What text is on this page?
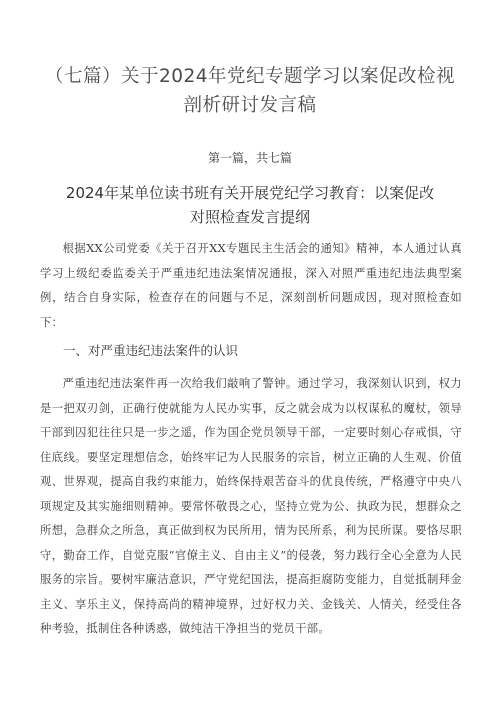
（七篇）关于2024年党纪专题学习以案促改检视剖析研讨发言稿
第一篇，共七篇
2024年某单位读书班有关开展党纪学习教育：以案促改对照检查发言提纲

根据XX公司党委《关于召开XX专题民主生活会的通知》精神，本人通过认真学习上级纪委监委关于严重违纪违法案情况通报，深入对照严重违纪违法典型案例，结合自身实际，检查存在的问题与不足，深刻剖析问题成因，现对照检查如下：

一、对严重违纪违法案件的认识

严重违纪违法案件再一次给我们敲响了警钟。通过学习，我深刻认识到，权力是一把双刃剑，正确行使就能为人民办实事，反之就会成为以权谋私的魔杖，领导干部到囚犯往往只是一步之遥，作为国企党员领导干部，一定要时刻心存戒惧，守住底线。要坚定理想信念，始终牢记为人民服务的宗旨，树立正确的人生观、价值观、世界观，提高自我约束能力，始终保持艰苦奋斗的优良传统，严格遵守中央八项规定及其实施细则精神。要常怀敬畏之心，坚持立党为公、执政为民，想群众之所想，急群众之所急，真正做到权为民所用，情为民所系，利为民所谋。要恪尽职守，勤奋工作，自觉克服“官僚主义、自由主义”的侵袭，努力践行全心全意为人民服务的宗旨。要树牢廉洁意识，严守党纪国法，提高拒腐防变能力，自觉抵制拜金主义、享乐主义，保持高尚的精神境界，过好权力关、金钱关、人情关，经受住各种考验，抵制住各种诱惑，做纯洁干净担当的党员干部。
